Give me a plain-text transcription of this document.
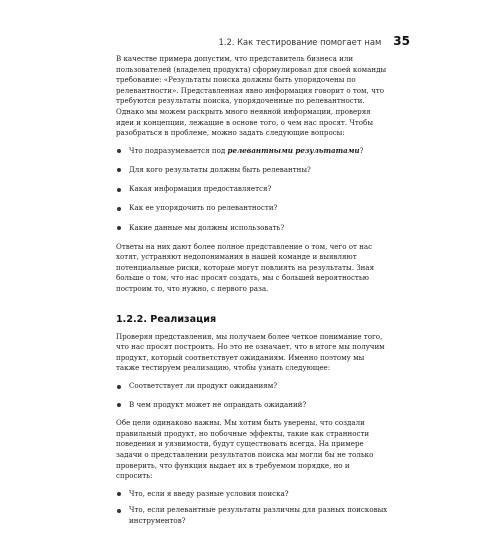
1.2. Как тестирование помогает нам 35

В качестве примера допустим, что представитель бизнеса или пользователей (владелец продукта) сформулировал для своей команды требование: «Результаты поиска должны быть упорядочены по релевантности». Представленная явно информация говорит о том, что требуются результаты поиска, упорядоченные по релевантности. Однако мы можем раскрыть много неявной информации, проверяя идеи и концепции, лежащие в основе того, о чем нас просят. Чтобы разобраться в проблеме, можно задать следующие вопросы:

Что подразумевается под релевантными результатами?
Для кого результаты должны быть релевантны?
Какая информация предоставляется?
Как ее упорядочить по релевантности?
Какие данные мы должны использовать?

Ответы на них дают более полное представление о том, чего от нас хотят, устраняют недопонимания в нашей команде и выявляют потенциальные риски, которые могут повлиять на результаты. Зная больше о том, что нас просят создать, мы с большей вероятностью построим то, что нужно, с первого раза.

1.2.2. Реализация

Проверяя представления, мы получаем более четкое понимание того, что нас просят построить. Но это не означает, что в итоге мы получим продукт, который соответствует ожиданиям. Именно поэтому мы также тестируем реализацию, чтобы узнать следующее:

Соответствует ли продукт ожиданиям?
В чем продукт может не оправдать ожиданий?

Обе цели одинаково важны. Мы хотим быть уверены, что создали правильный продукт, но побочные эффекты, такие как странности поведения и уязвимости, будут существовать всегда. На примере задачи о представлении результатов поиска мы могли бы не только проверить, что функция выдает их в требуемом порядке, но и спросить:

Что, если я введу разные условия поиска?
Что, если релевантные результаты различны для разных поисковых инструментов?
